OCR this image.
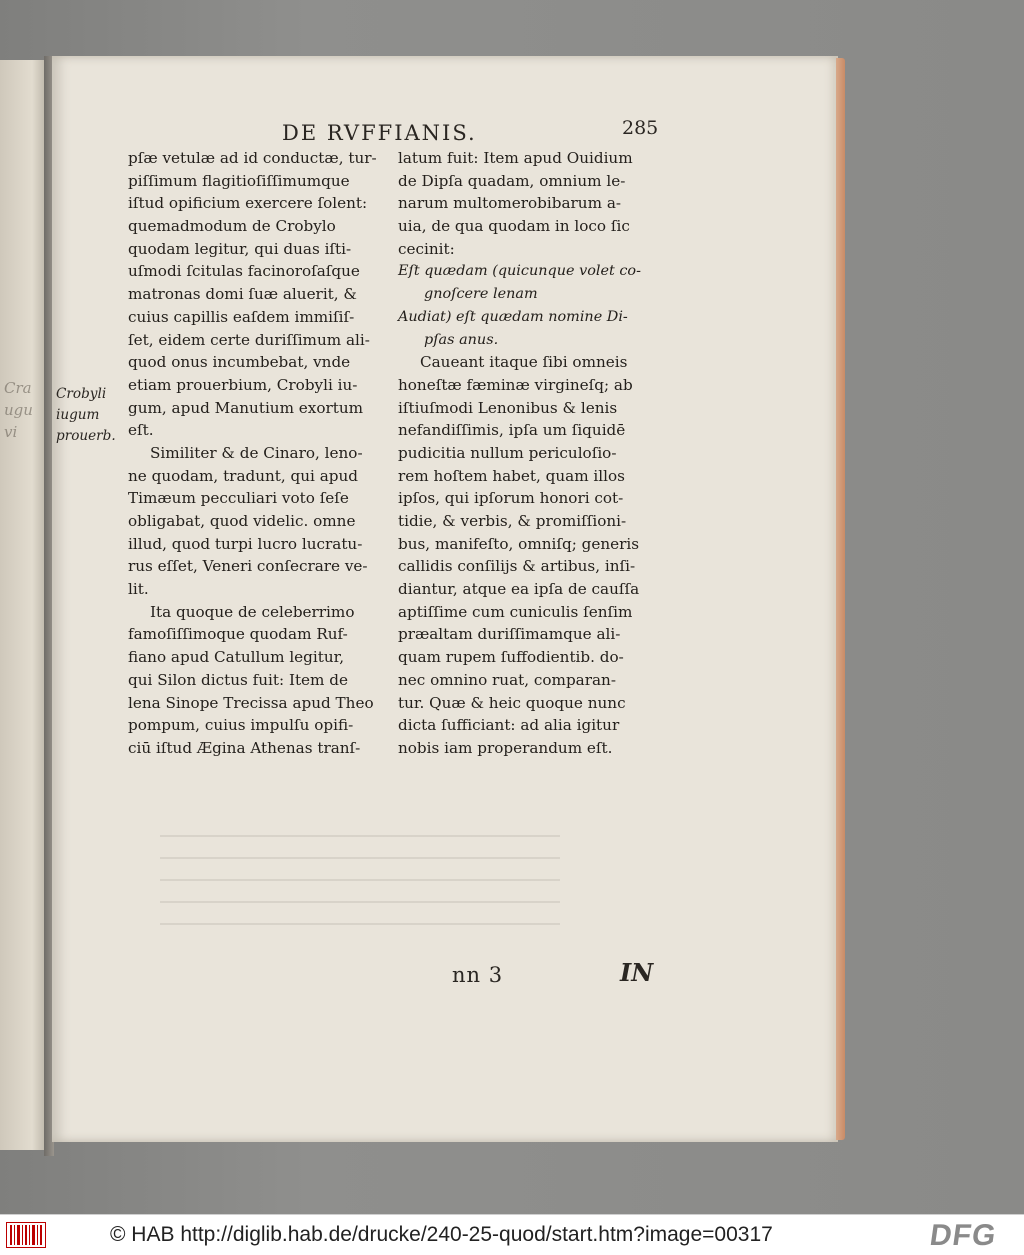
Cra
ugu
vi
DE RVFFIANIS.	285
Crobyli
iugum
prouerb.
pſæ vetulæ ad id conductæ, tur-
piſſimum flagitioſiſſimumque
iſtud opificium exercere ſolent:
quemadmodum de Crobylo
quodam legitur, qui duas iſti-
uſmodi ſcitulas facinoroſaſque
matronas domi ſuæ aluerit, &
cuius capillis eaſdem immiſiſ-
ſet, eidem certe duriſſimum ali-
quod onus incumbebat, vnde
etiam prouerbium, Crobyli iu-
gum, apud Manutium exortum
eſt.
Similiter & de Cinaro, leno-
ne quodam, tradunt, qui apud
Timæum pecculiari voto ſeſe
obligabat, quod videlic. omne
illud, quod turpi lucro lucratu-
rus eſſet, Veneri conſecrare ve-
lit.
Ita quoque de celeberrimo
famoſiſſimoque quodam Ruf-
fiano apud Catullum legitur,
qui Silon dictus fuit: Item de
lena Sinope Trecissa apud Theo
pompum, cuius impulſu opifi-
ciū iſtud Ægina Athenas tranſ-
latum fuit: Item apud Ouidium
de Dipſa quadam, omnium le-
narum multomerobibarum a-
uia, de qua quodam in loco ſic
cecinit:
Eſt quædam (quicunque volet co-
gnoſcere lenam
Audiat) eſt quædam nomine Di-
pſas anus.
Caueant itaque ſibi omneis
honeſtæ fæminæ virgineſq; ab
iſtiuſmodi Lenonibus & lenis
nefandiſſimis, ipſa um ſiquidē
pudicitia nullum periculoſio-
rem hoſtem habet, quam illos
ipſos, qui ipſorum honori cot-
tidie, & verbis, & promiſſioni-
bus, manifeſto, omniſq; generis
callidis conſilijs & artibus, inſi-
diantur, atque ea ipſa de cauſſa
aptiſſime cum cuniculis ſenſim
præaltam duriſſimamque ali-
quam rupem ſuffodientib. do-
nec omnino ruat, comparan-
tur. Quæ & heic quoque nunc
dicta ſufficiant: ad alia igitur
nobis iam properandum eſt.
nn 3	IN
© HAB http://diglib.hab.de/drucke/240-25-quod/start.htm?image=00317	DFG
